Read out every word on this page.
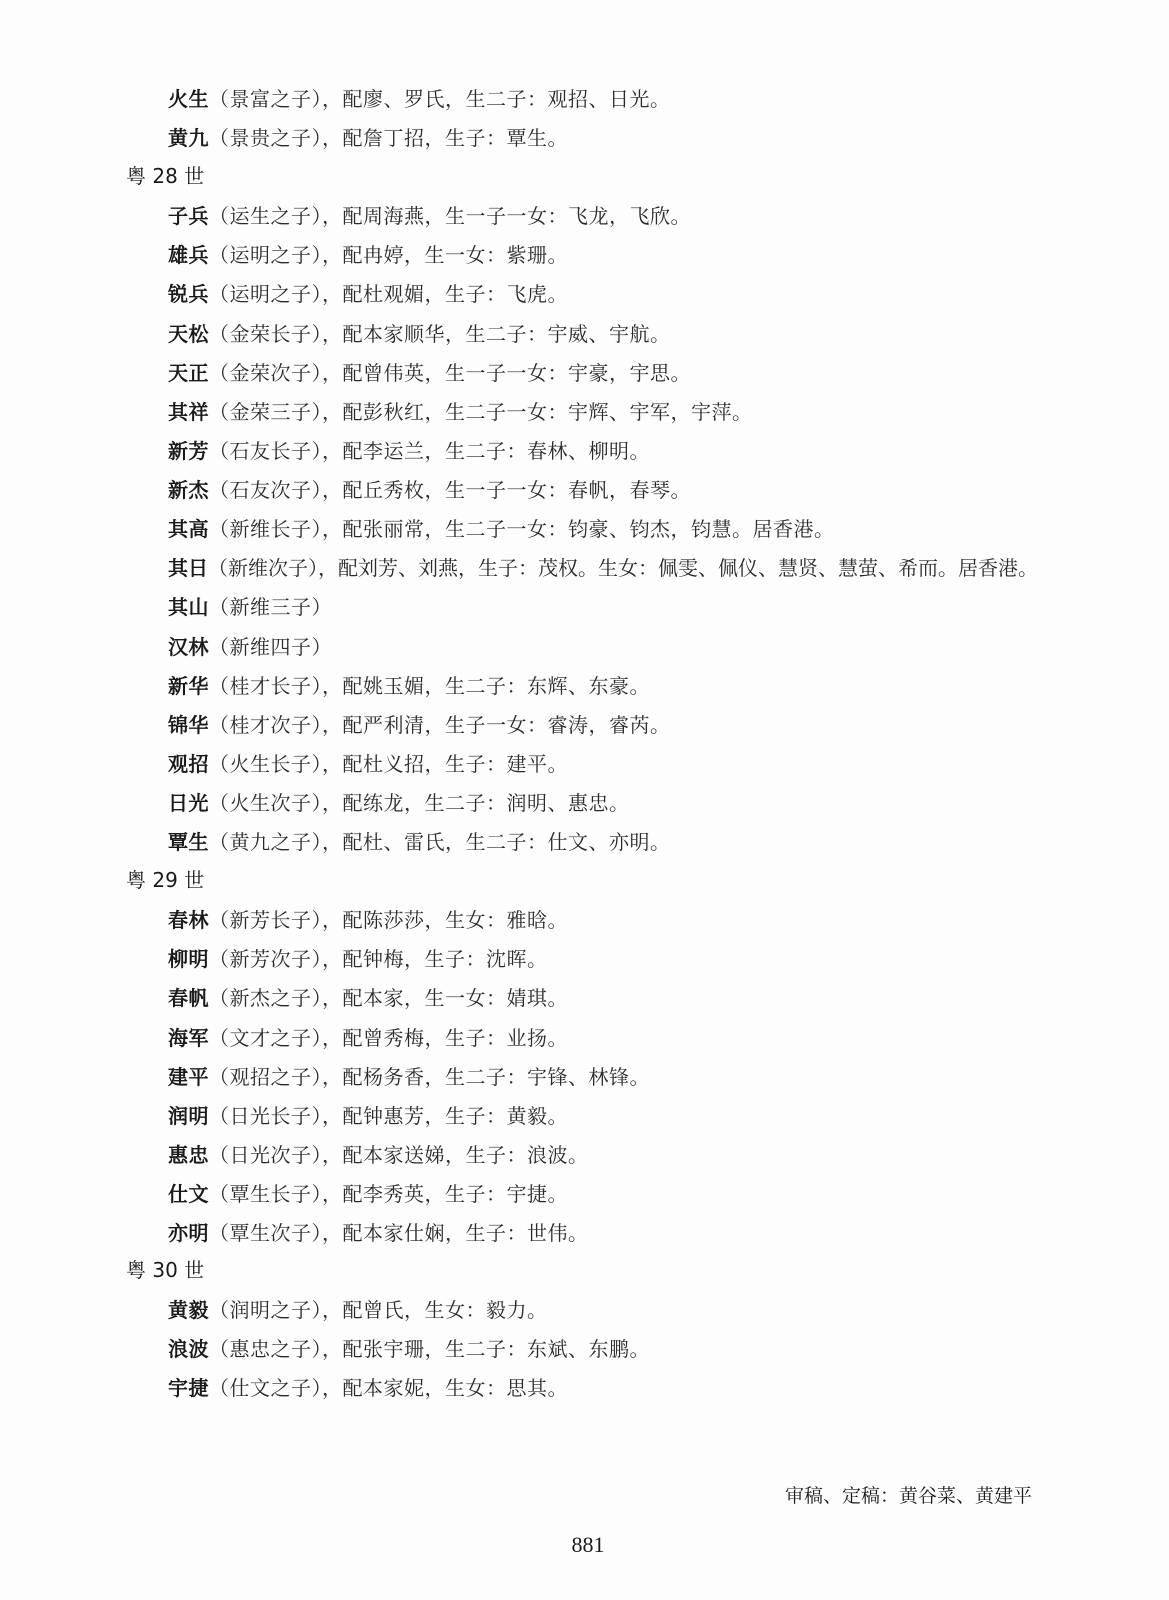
火生（景富之子），配廖、罗氏，生二子：观招、日光。
黄九（景贵之子），配詹丁招，生子：覃生。
粤 28 世
子兵（运生之子），配周海燕，生一子一女：飞龙，飞欣。
雄兵（运明之子），配冉婷，生一女：紫珊。
锐兵（运明之子），配杜观媚，生子：飞虎。
天松（金荣长子），配本家顺华，生二子：宇威、宇航。
天正（金荣次子），配曾伟英，生一子一女：宇豪，宇思。
其祥（金荣三子），配彭秋红，生二子一女：宇辉、宇军，宇萍。
新芳（石友长子），配李运兰，生二子：春林、柳明。
新杰（石友次子），配丘秀枚，生一子一女：春帆，春琴。
其高（新维长子），配张丽常，生二子一女：钧豪、钧杰，钧慧。居香港。
其日（新维次子），配刘芳、刘燕，生子：茂权。生女：佩雯、佩仪、慧贤、慧萤、希而。居香港。
其山（新维三子）
汉林（新维四子）
新华（桂才长子），配姚玉媚，生二子：东辉、东豪。
锦华（桂才次子），配严利清，生子一女：睿涛，睿芮。
观招（火生长子），配杜义招，生子：建平。
日光（火生次子），配练龙，生二子：润明、惠忠。
覃生（黄九之子），配杜、雷氏，生二子：仕文、亦明。
粤 29 世
春林（新芳长子），配陈莎莎，生女：雅晗。
柳明（新芳次子），配钟梅，生子：沈晖。
春帆（新杰之子），配本家，生一女：婧琪。
海军（文才之子），配曾秀梅，生子：业扬。
建平（观招之子），配杨务香，生二子：宇锋、林锋。
润明（日光长子），配钟惠芳，生子：黄毅。
惠忠（日光次子），配本家送娣，生子：浪波。
仕文（覃生长子），配李秀英，生子：宇捷。
亦明（覃生次子），配本家仕娴，生子：世伟。
粤 30 世
黄毅（润明之子），配曾氏，生女：毅力。
浪波（惠忠之子），配张宇珊，生二子：东斌、东鹏。
宇捷（仕文之子），配本家妮，生女：思其。
审稿、定稿：黄谷菜、黄建平
881
